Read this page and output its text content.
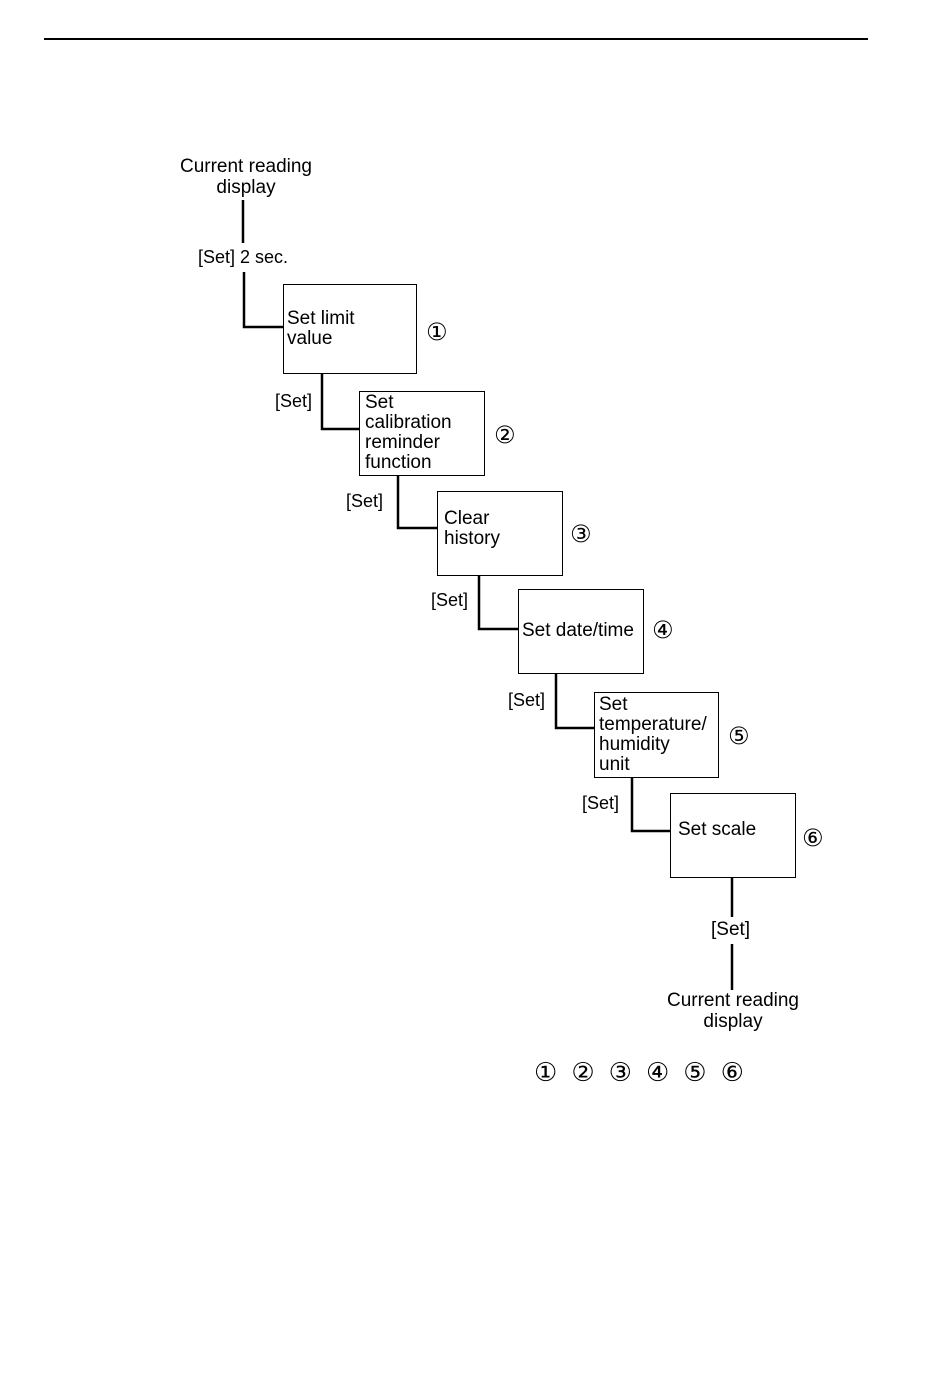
Current reading
display
[Set] 2 sec.
Set limit
value	①
[Set]	Set
calibration
reminder
function
②
[Set]
Clear
history	③
[Set]
Set date/time ④
[Set]	Set
temperature/
humidity
unit
⑤
[Set]
Set scale ⑥
[Set]
Current reading
display
① ② ③ ④ ⑤ ⑥
